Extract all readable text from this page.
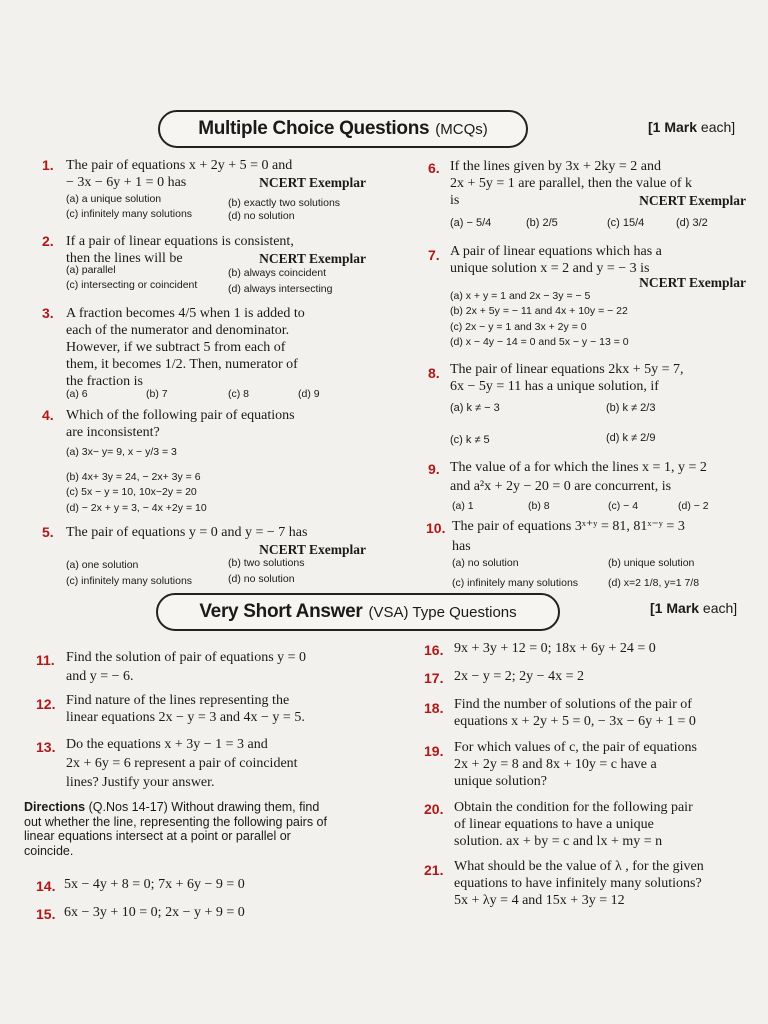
Multiple Choice Questions (MCQs)	[1 Mark each]
1. The pair of equations x + 2y + 5 = 0 and
− 3x − 6y + 1 = 0 has	NCERT Exemplar
(a) a unique solution	(b) exactly two solutions
(c) infinitely many solutions	(d) no solution
2. If a pair of linear equations is consistent,
then the lines will be	NCERT Exemplar
(a) parallel	(b) always coincident
(c) intersecting or coincident	(d) always intersecting
3. A fraction becomes 4/5 when 1 is added to
each of the numerator and denominator.
However, if we subtract 5 from each of
them, it becomes 1/2. Then, numerator of
the fraction is
(a) 6	(b) 7	(c) 8	(d) 9
4. Which of the following pair of equations
are inconsistent?
(a) 3x− y= 9, x − y/3 = 3
(b) 4x+ 3y = 24, − 2x+ 3y = 6
(c) 5x − y = 10, 10x−2y = 20
(d) − 2x + y = 3, − 4x +2y = 10
5. The pair of equations y = 0 and y = − 7 has
NCERT Exemplar
(a) one solution	(b) two solutions
(c) infinitely many solutions	(d) no solution
6. If the lines given by 3x + 2ky = 2 and
2x + 5y = 1 are parallel, then the value of k
is	NCERT Exemplar
(a) − 5/4	(b) 2/5	(c) 15/4	(d) 3/2
7. A pair of linear equations which has a
unique solution x = 2 and y = − 3 is
NCERT Exemplar
(a) x + y = 1 and 2x − 3y = − 5
(b) 2x + 5y = − 11 and 4x + 10y = − 22
(c) 2x − y = 1 and 3x + 2y = 0
(d) x − 4y − 14 = 0 and 5x − y − 13 = 0
8. The pair of linear equations 2kx + 5y = 7,
6x − 5y = 11 has a unique solution, if
(a) k ≠ − 3	(b) k ≠ 2/3
(c) k ≠ 5	(d) k ≠ 2/9
9. The value of a for which the lines x = 1, y = 2
and a²x + 2y − 20 = 0 are concurrent, is
(a) 1	(b) 8	(c) − 4	(d) − 2
10. The pair of equations 3ˣ⁺ʸ = 81, 81ˣ⁻ʸ = 3
has
(a) no solution	(b) unique solution
(c) infinitely many solutions	(d) x=2 1/8, y=1 7/8
Very Short Answer (VSA) Type Questions	[1 Mark each]
11. Find the solution of pair of equations y = 0
and y = − 6.
12. Find nature of the lines representing the
linear equations 2x − y = 3 and 4x − y = 5.
13. Do the equations x + 3y − 1 = 3 and
2x + 6y = 6 represent a pair of coincident
lines? Justify your answer.
Directions (Q.Nos 14-17) Without drawing them, find
out whether the line, representing the following pairs of
linear equations intersect at a point or parallel or
coincide.
14. 5x − 4y + 8 = 0; 7x + 6y − 9 = 0
15. 6x − 3y + 10 = 0; 2x − y + 9 = 0
16. 9x + 3y + 12 = 0; 18x + 6y + 24 = 0
17. 2x − y = 2; 2y − 4x = 2
18. Find the number of solutions of the pair of
equations x + 2y + 5 = 0, − 3x − 6y + 1 = 0
19. For which values of c, the pair of equations
2x + 2y = 8 and 8x + 10y = c have a
unique solution?
20. Obtain the condition for the following pair
of linear equations to have a unique
solution. ax + by = c and lx + my = n
21. What should be the value of λ , for the given
equations to have infinitely many solutions?
5x + λy = 4 and 15x + 3y = 12
